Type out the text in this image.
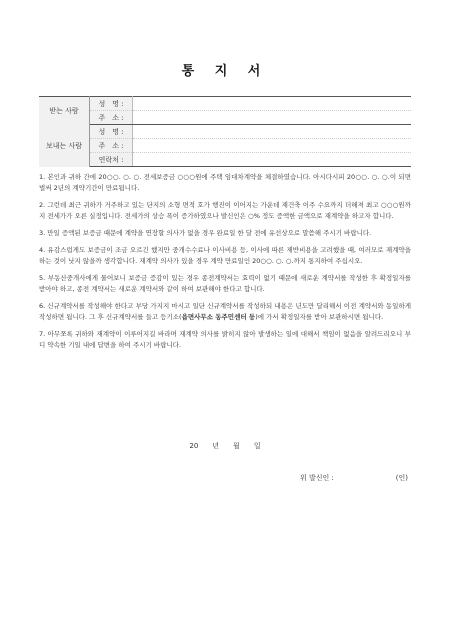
통 지 서
받는 사람	성　명 :	
	주　소 :	
보내는 사람	성　명 :	
	주　소 :	
	연락처 :	

1. 본인과 귀하 간에 20○○. ○. ○. 전세보증금 ○○○원에 주택 임대차계약을 체결하였습니다. 아시다시피 20○○. ○. ○.이 되면 벌써 2년의 계약기간이 만료됩니다.

2. 그런데 최근 귀하가 거주하고 있는 단지의 소형 면적 호가 행진이 이어지는 가운데 재건축 이주 수요까지 더해져 최고 ○○○원까지 전세가가 오른 실정입니다. 전세가의 상승 폭이 증가하였으나 발신인은 ○% 정도 증액한 금액으로 재계약을 하고자 합니다.

3. 만일 증액된 보증금 때문에 계약을 연장할 의사가 없을 경우 완료일 한 달 전에 유선상으로 말씀해 주시기 바랍니다.

4. 유감스럽게도 보증금이 조금 오르긴 했지만 중개수수료나 이사비용 등, 이사에 따른 제반비용을 고려했을 때, 여러모로 재계약을 하는 것이 낫지 않을까 생각합니다. 재계약 의사가 있을 경우 계약 만료일인 20○○. ○. ○.까지 통지하여 주십시오.

5. 부동산중개사에게 물어보니 보증금 증감이 있는 경우 종전계약서는 효력이 없기 때문에 새로운 계약서를 작성한 후 확정일자를 받아야 하고, 종전 계약서는 새로운 계약서와 같이 하여 보관해야 한다고 합니다.

6. 신규계약서를 작성해야 한다고 부당 가지지 마시고 일단 신규계약서를 작성하되 내용은 년도만 달리해서 이전 계약서와 동일하게 작성하면 됩니다. 그 후 신규계약서를 들고 등기소(읍면사무소 동주민센터 등)에 가서 확정일자를 받아 보관하시면 됩니다.

7. 아무쪼록 귀하와 재계약이 이루어지길 바라며 재계약 의사를 밝히지 않아 발생하는 일에 대해서 책임이 없음을 알려드리오니 부디 약속한 기일 내에 답변을 하여 주시기 바랍니다.

20　　년　　월　　일
위 발신인 :	(인)
